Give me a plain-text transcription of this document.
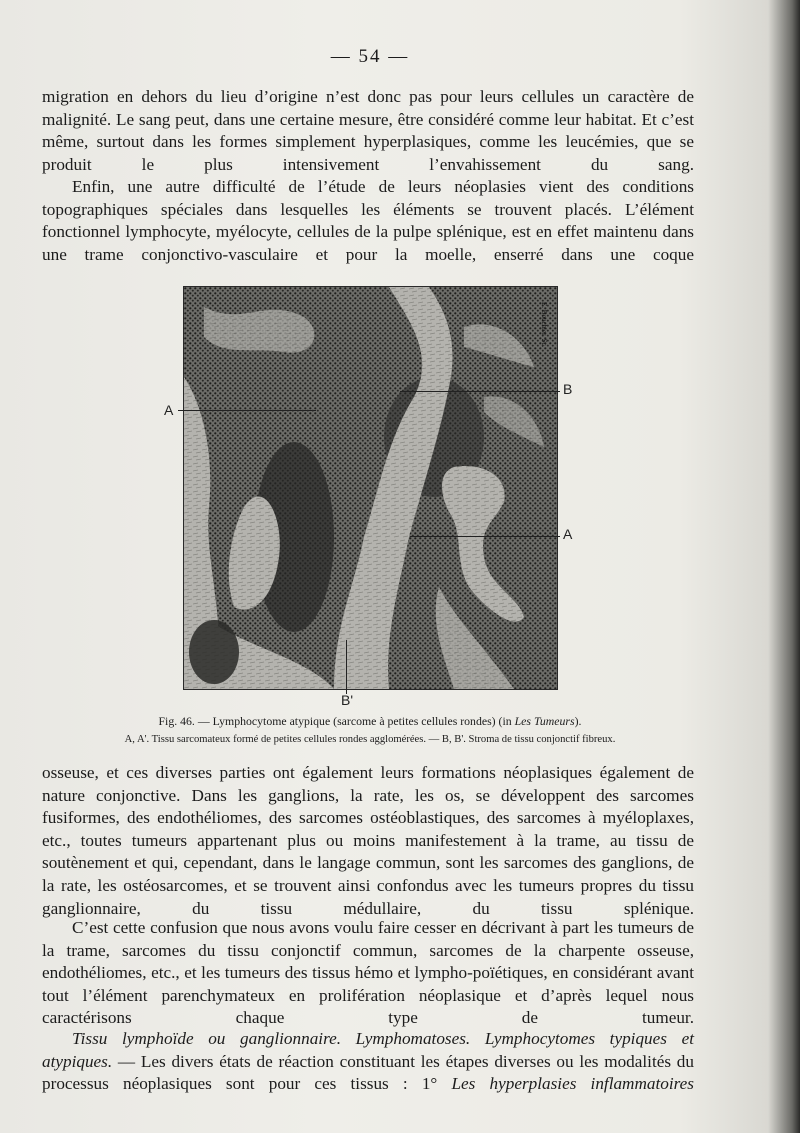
— 54 —

migration en dehors du lieu d’origine n’est donc pas pour leurs cellules un caractère de malignité. Le sang peut, dans une certaine mesure, être considéré comme leur habitat. Et c’est même, surtout dans les formes simplement hyperplasiques, comme les leucémies, que se produit le plus intensivement l’envahissement du sang.

Enfin, une autre difficulté de l’étude de leurs néoplasies vient des conditions topographiques spéciales dans lesquelles les éléments se trouvent placés. L’élément fonctionnel lymphocyte, myélocyte, cellules de la pulpe splénique, est en effet maintenu dans une trame conjonctivo-vasculaire et pour la moelle, enserré dans une coque

E. Bouchier. Sc.
A
B
A
B'

Fig. 46. — Lymphocytome atypique (sarcome à petites cellules rondes) (in Les Tumeurs).

A, A'. Tissu sarcomateux formé de petites cellules rondes agglomérées. — B, B'. Stroma de tissu conjonctif fibreux.

osseuse, et ces diverses parties ont également leurs formations néoplasiques également de nature conjonctive. Dans les ganglions, la rate, les os, se développent des sarcomes fusiformes, des endothéliomes, des sarcomes ostéoblastiques, des sarcomes à myéloplaxes, etc., toutes tumeurs appartenant plus ou moins manifestement à la trame, au tissu de soutènement et qui, cependant, dans le langage commun, sont les sarcomes des ganglions, de la rate, les ostéosarcomes, et se trouvent ainsi confondus avec les tumeurs propres du tissu ganglionnaire, du tissu médullaire, du tissu splénique.

C’est cette confusion que nous avons voulu faire cesser en décrivant à part les tumeurs de la trame, sarcomes du tissu conjonctif commun, sarcomes de la charpente osseuse, endothéliomes, etc., et les tumeurs des tissus hémo et lympho-poïétiques, en considérant avant tout l’élément parenchymateux en prolifération néoplasique et d’après lequel nous caractérisons chaque type de tumeur.

Tissu lymphoïde ou ganglionnaire. Lymphomatoses. Lymphocytomes typiques et atypiques. — Les divers états de réaction constituant les étapes diverses ou les modalités du processus néoplasiques sont pour ces tissus : 1° Les hyperplasies inflammatoires
